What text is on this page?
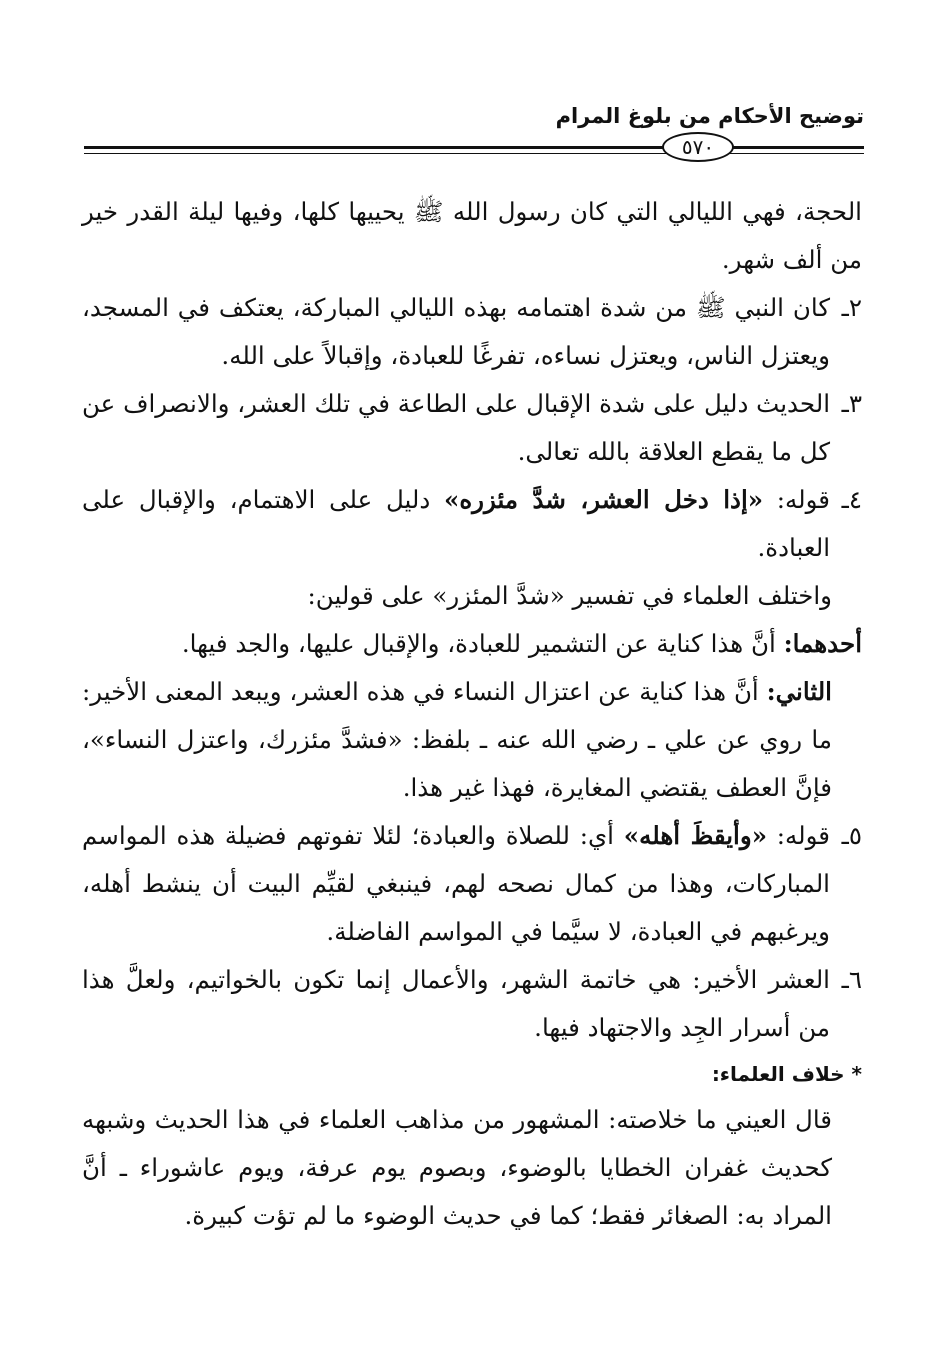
توضيح الأحكام من بلوغ المرام
٥٧٠

الحجة، فهي الليالي التي كان رسول الله ﷺ يحييها كلها، وفيها ليلة القدر خير من ألف شهر.

٢ـ
كان النبي ﷺ من شدة اهتمامه بهذه الليالي المباركة، يعتكف في المسجد، ويعتزل الناس، ويعتزل نساءه، تفرغًا للعبادة، وإقبالاً على الله.

٣ـ
الحديث دليل على شدة الإقبال على الطاعة في تلك العشر، والانصراف عن كل ما يقطع العلاقة بالله تعالى.

٤ـ
قوله: «إذا دخل العشر، شدَّ مئزره» دليل على الاهتمام، والإقبال على العبادة.

واختلف العلماء في تفسير «شدَّ المئزر» على قولين:

أحدهما: أنَّ هذا كناية عن التشمير للعبادة، والإقبال عليها، والجد فيها.

الثاني: أنَّ هذا كناية عن اعتزال النساء في هذه العشر، ويبعد المعنى الأخير: ما روي عن علي ـ رضي الله عنه ـ بلفظ: «فشدَّ مئزرك، واعتزل النساء»، فإنَّ العطف يقتضي المغايرة، فهذا غير هذا.

٥ـ
قوله: «وأيقظَ أهله» أي: للصلاة والعبادة؛ لئلا تفوتهم فضيلة هذه المواسم المباركات، وهذا من كمال نصحه لهم، فينبغي لقيِّم البيت أن ينشط أهله، ويرغبهم في العبادة، لا سيَّما في المواسم الفاضلة.

٦ـ
العشر الأخير: هي خاتمة الشهر، والأعمال إنما تكون بالخواتيم، ولعلَّ هذا من أسرار الجِد والاجتهاد فيها.

* خلاف العلماء:

قال العيني ما خلاصته: المشهور من مذاهب العلماء في هذا الحديث وشبهه كحديث غفران الخطايا بالوضوء، وبصوم يوم عرفة، ويوم عاشوراء ـ أنَّ المراد به: الصغائر فقط؛ كما في حديث الوضوء ما لم تؤت كبيرة.
